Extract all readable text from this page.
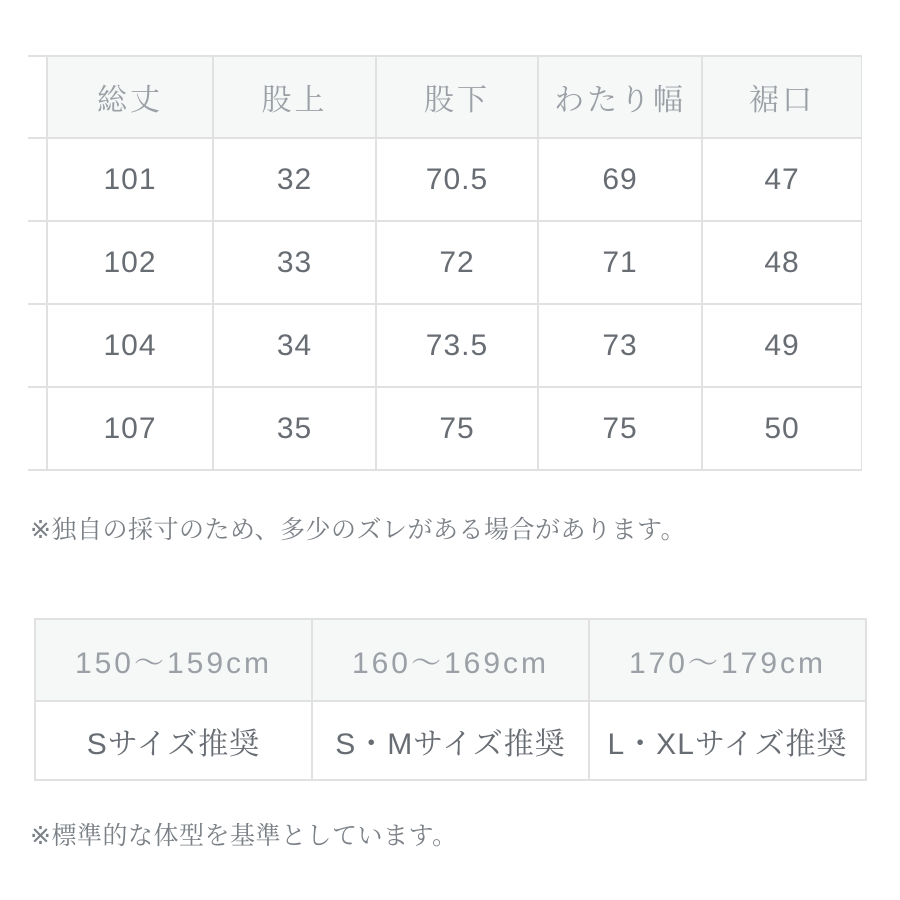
	総丈	股上	股下	わたり幅	裾口
	101	32	70.5	69	47
	102	33	72	71	48
	104	34	73.5	73	49
	107	35	75	75	50

※独自の採寸のため、多少のズレがある場合があります。

150〜159cm	160〜169cm	170〜179cm
Sサイズ推奨	S・Mサイズ推奨	L・XLサイズ推奨

※標準的な体型を基準としています。
